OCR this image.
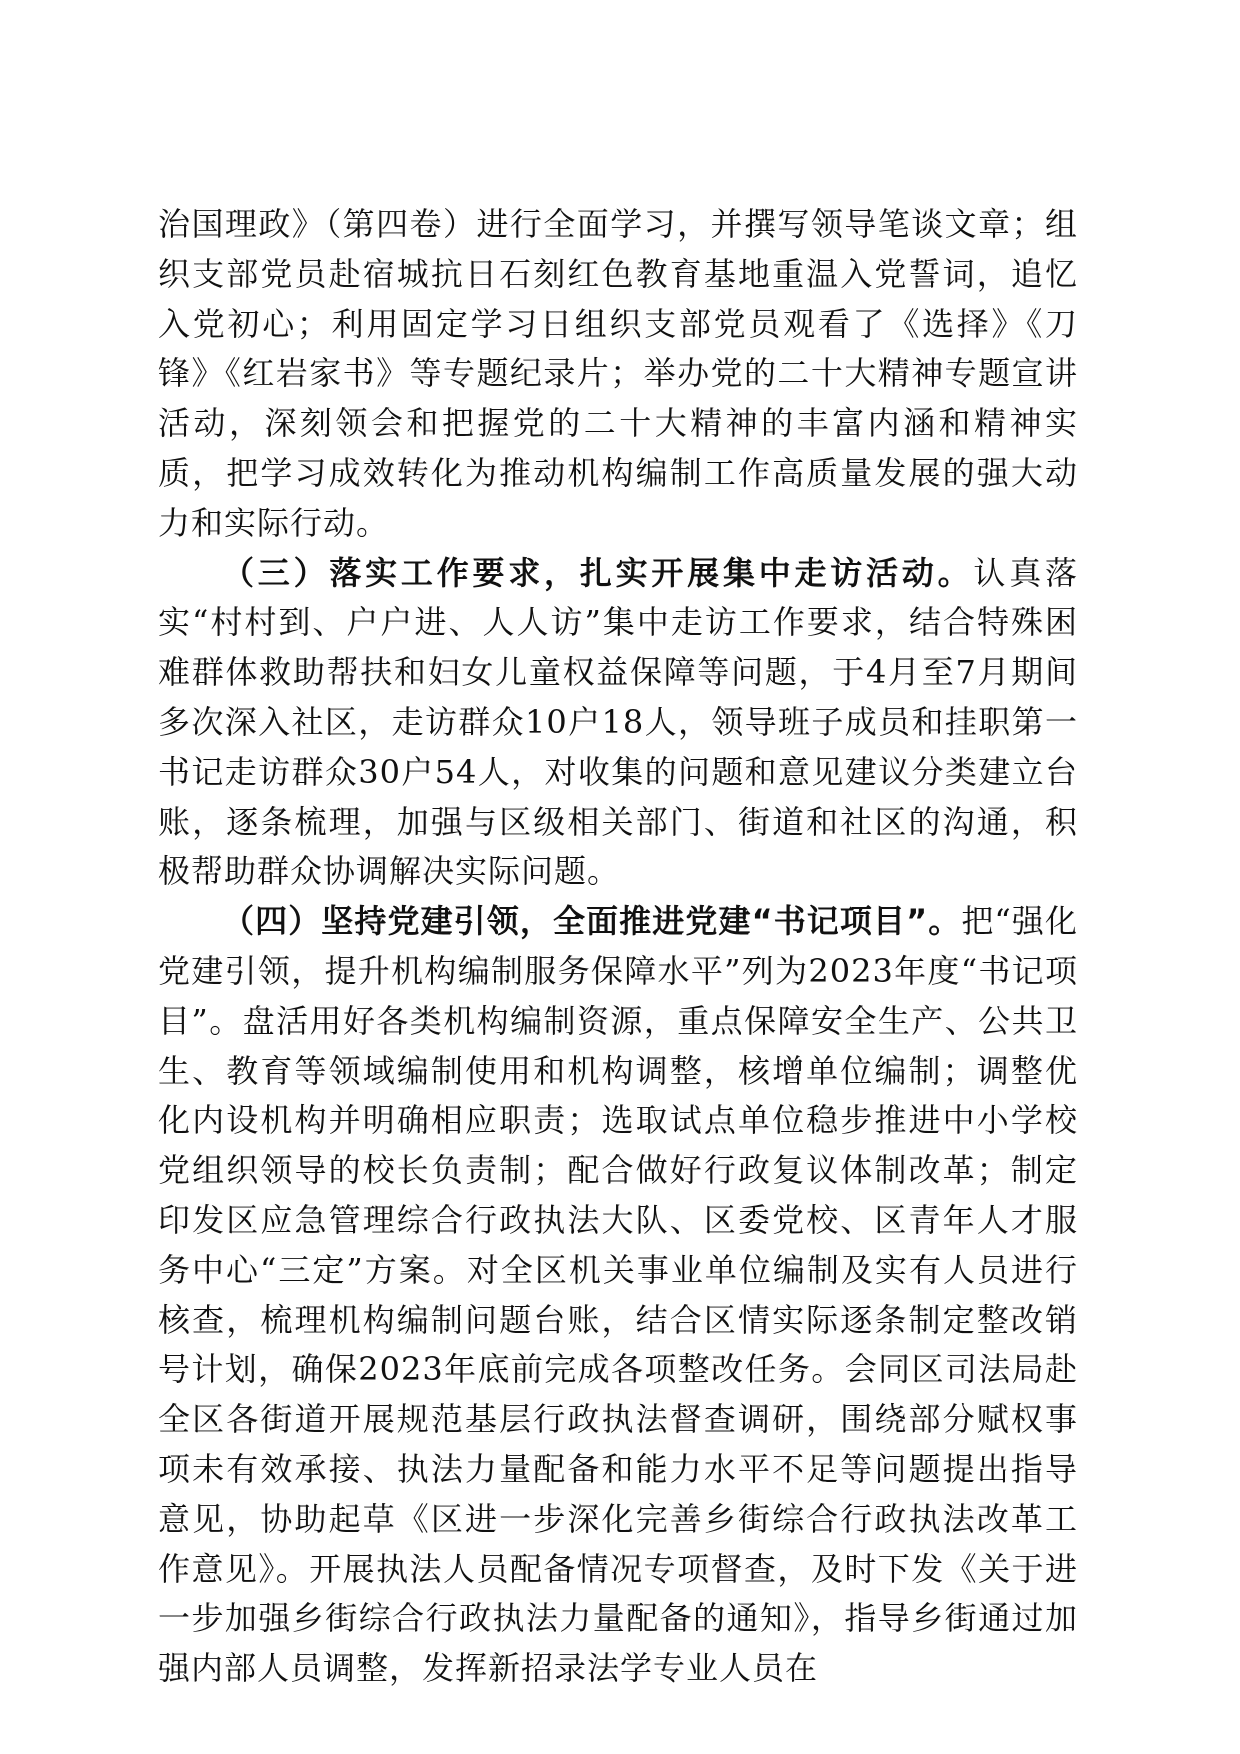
治国理政》（第四卷）进行全面学习，并撰写领导笔谈文章；组织支部党员赴宿城抗日石刻红色教育基地重温入党誓词，追忆入党初心；利用固定学习日组织支部党员观看了《选择》《刀锋》《红岩家书》等专题纪录片；举办党的二十大精神专题宣讲活动，深刻领会和把握党的二十大精神的丰富内涵和精神实质，把学习成效转化为推动机构编制工作高质量发展的强大动力和实际行动。

（三）落实工作要求，扎实开展集中走访活动。认真落实“村村到、户户进、人人访”集中走访工作要求，结合特殊困难群体救助帮扶和妇女儿童权益保障等问题，于4月至7月期间多次深入社区，走访群众10户18人，领导班子成员和挂职第一书记走访群众30户54人，对收集的问题和意见建议分类建立台账，逐条梳理，加强与区级相关部门、街道和社区的沟通，积极帮助群众协调解决实际问题。

（四）坚持党建引领，全面推进党建“书记项目”。把“强化党建引领，提升机构编制服务保障水平”列为2023年度“书记项目”。盘活用好各类机构编制资源，重点保障安全生产、公共卫生、教育等领域编制使用和机构调整，核增单位编制；调整优化内设机构并明确相应职责；选取试点单位稳步推进中小学校党组织领导的校长负责制；配合做好行政复议体制改革；制定印发区应急管理综合行政执法大队、区委党校、区青年人才服务中心“三定”方案。对全区机关事业单位编制及实有人员进行核查，梳理机构编制问题台账，结合区情实际逐条制定整改销号计划，确保2023年底前完成各项整改任务。会同区司法局赴全区各街道开展规范基层行政执法督查调研，围绕部分赋权事项未有效承接、执法力量配备和能力水平不足等问题提出指导意见，协助起草《区进一步深化完善乡街综合行政执法改革工作意见》。开展执法人员配备情况专项督查，及时下发《关于进一步加强乡街综合行政执法力量配备的通知》，指导乡街通过加强内部人员调整，发挥新招录法学专业人员在
